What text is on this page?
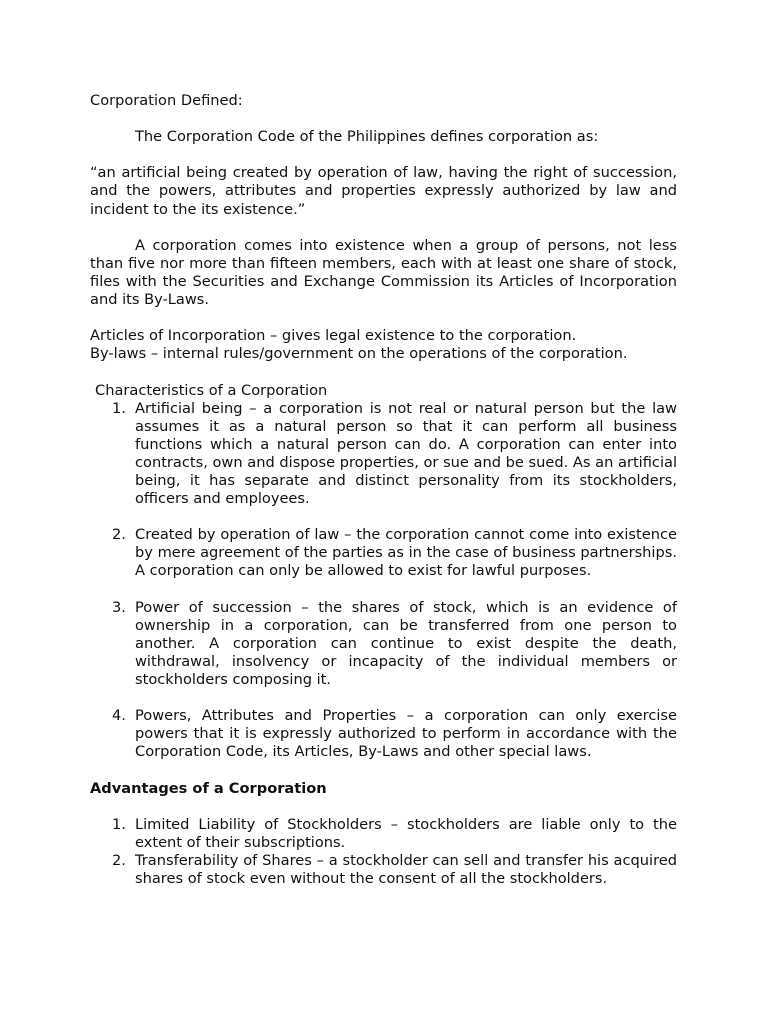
Corporation Defined:

The Corporation Code of the Philippines defines corporation as:

“an artificial being created by operation of law, having the right of succession, and the powers, attributes and properties expressly authorized by law and incident to the its existence.”

A corporation comes into existence when a group of persons, not less than five nor more than fifteen members, each with at least one share of stock, files with the Securities and Exchange Commission its Articles of Incorporation and its By-Laws.

Articles of Incorporation – gives legal existence to the corporation.

By-laws – internal rules/government on the operations of the corporation.

Characteristics of a Corporation

1. Artificial being – a corporation is not real or natural person but the law assumes it as a natural person so that it can perform all business functions which a natural person can do. A corporation can enter into contracts, own and dispose properties, or sue and be sued. As an artificial being, it has separate and distinct personality from its stockholders, officers and employees.
2. Created by operation of law – the corporation cannot come into existence by mere agreement of the parties as in the case of business partnerships. A corporation can only be allowed to exist for lawful purposes.
3. Power of succession – the shares of stock, which is an evidence of ownership in a corporation, can be transferred from one person to another. A corporation can continue to exist despite the death, withdrawal, insolvency or incapacity of the individual members or stockholders composing it.
4. Powers, Attributes and Properties – a corporation can only exercise powers that it is expressly authorized to perform in accordance with the Corporation Code, its Articles, By-Laws and other special laws.

Advantages of a Corporation

1. Limited Liability of Stockholders – stockholders are liable only to the extent of their subscriptions.
2. Transferability of Shares – a stockholder can sell and transfer his acquired shares of stock even without the consent of all the stockholders.
